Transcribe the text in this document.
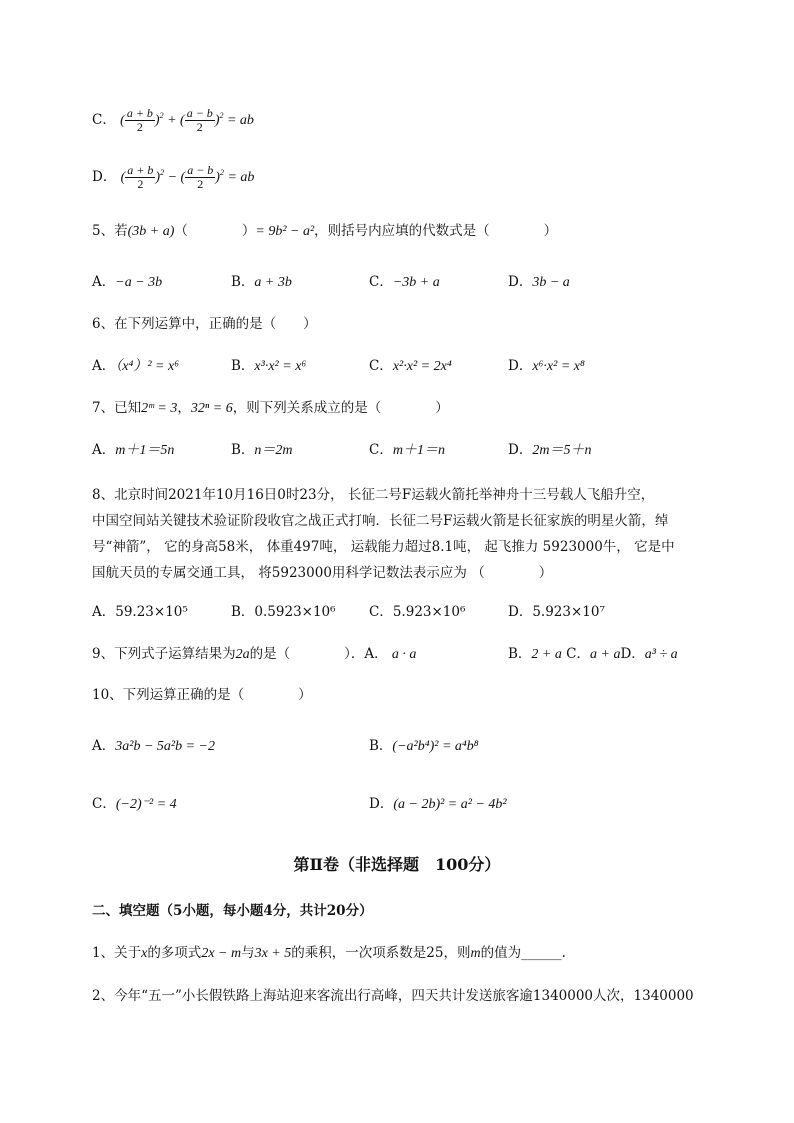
C． ( $\frac{a + b}{2} )^2$ + ( $\frac{a - b}{2} )^2$ = ab
D． ( $\frac{a + b}{2} )^2$ − ( $\frac{a - b}{2} )^2$ = ab
5、若(3b + a)（　　　　）= 9b² − a²，则括号内应填的代数式是（　　　　）
A．−a − 3b	B．a + 3b	C．−3b + a	D．3b − a
6、在下列运算中，正确的是（　　）
A．（x⁴）² = x⁶	B．x³·x² = x⁶	C．x²·x² = 2x⁴	D．x⁶·x² = x⁸
7、已知2ᵐ = 3，32ⁿ = 6，则下列关系成立的是（　　　　）
A．m＋1＝5n	B．n＝2m	C．m＋1＝n	D．2m＝5＋n
8、北京时间2021年10月16日0时23分， 长征二号F运载火箭托举神舟十三号载人飞船升空，
中国空间站关键技术验证阶段收官之战正式打响．长征二号F运载火箭是长征家族的明星火箭，绰
号“神箭”， 它的身高58米， 体重497吨， 运载能力超过8.1吨， 起飞推力 5923000牛， 它是中
国航天员的专属交通工具， 将5923000用科学记数法表示应为 （　　　　）
A．59.23×10⁵	B．0.5923×10⁶ C．5.923×10⁶	D．5.923×10⁷
9、下列式子运算结果为2a的是（　　　　）．A． a · a	B．2 + a C．a + aD．a³ ÷ a
10、下列运算正确的是（　　　　）
A．3a²b − 5a²b = −2	B．(−a²b⁴)² = a⁴b⁸
C．(−2)⁻² = 4	D．(a − 2b)² = a² − 4b²
第Ⅱ卷（非选择题　100分）
二、填空题（5小题，每小题4分，共计20分）
1、关于x的多项式2x − m与3x + 5的乘积，一次项系数是25，则m的值为______.
2、今年“五一”小长假铁路上海站迎来客流出行高峰，四天共计发送旅客逾1340000人次，1340000
